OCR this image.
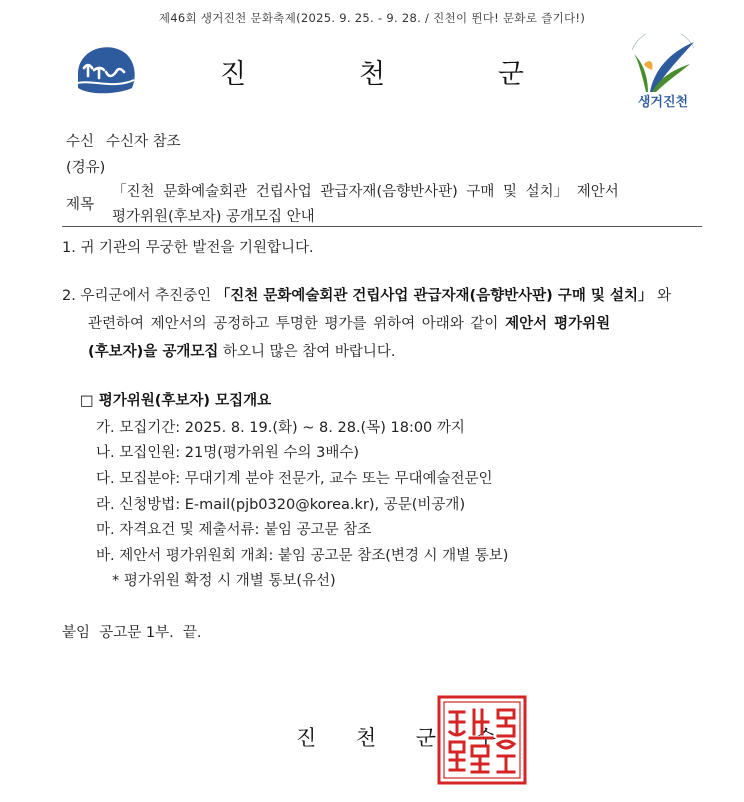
제46회 생거진천 문화축제(2025. 9. 25. - 9. 28. / 진천이 뛴다! 문화로 즐기다!)
진	천	군
생거진천
수신 수신자 참조
(경유)
제목
「진천 문화예술회관 건립사업 관급자재(음향반사판) 구매 및 설치」 제안서
평가위원(후보자) 공개모집 안내
1. 귀 기관의 무궁한 발전을 기원합니다.
2. 우리군에서 추진중인 「진천 문화예술회관 건립사업 관급자재(음향반사판) 구매 및 설치」 와
관련하여 제안서의 공정하고 투명한 평가를 위하여 아래와 같이 제안서 평가위원
(후보자)을 공개모집 하오니 많은 참여 바랍니다.
□ 평가위원(후보자) 모집개요
가. 모집기간: 2025. 8. 19.(화) ~ 8. 28.(목) 18:00 까지
나. 모집인원: 21명(평가위원 수의 3배수)
다. 모집분야: 무대기계 분야 전문가, 교수 또는 무대예술전문인
라. 신청방법: E-mail(pjb0320@korea.kr), 공문(비공개)
마. 자격요건 및 제출서류: 붙임 공고문 참조
바. 제안서 평가위원회 개최: 붙임 공고문 참조(변경 시 개별 통보)
* 평가위원 확정 시 개별 통보(유선)
붙임  공고문 1부.  끝.
진 천 군 수
